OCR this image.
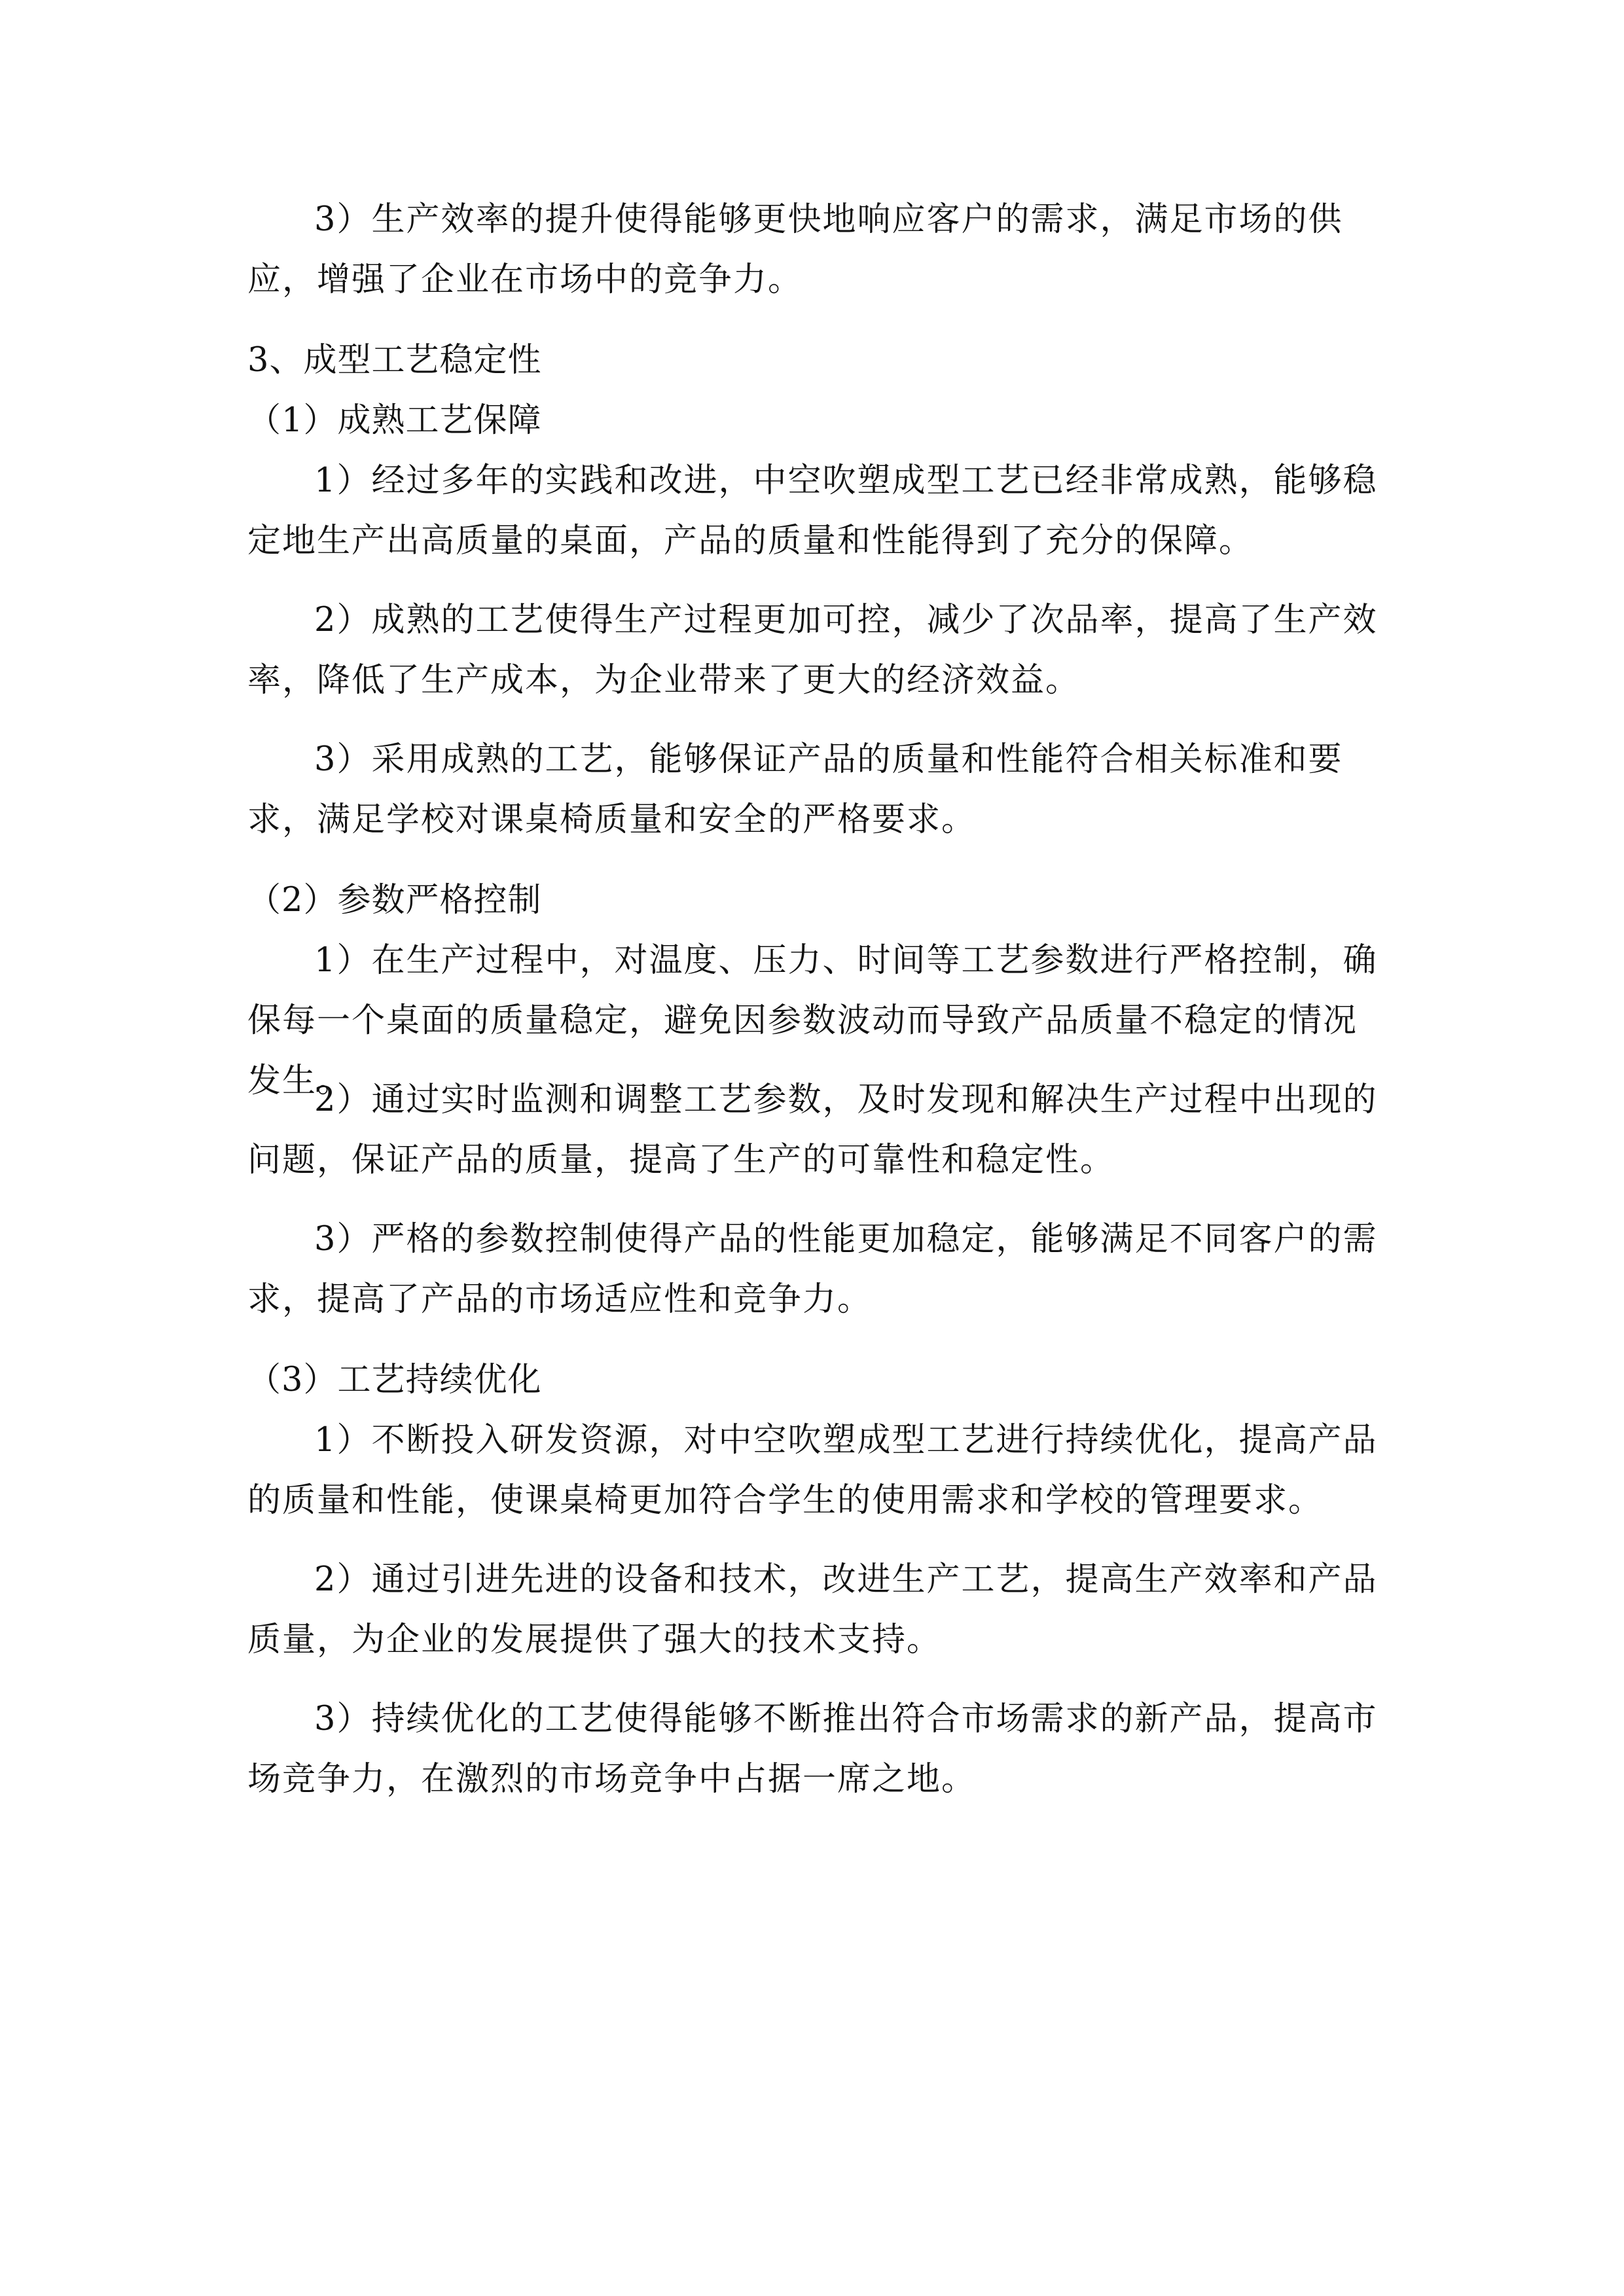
3）生产效率的提升使得能够更快地响应客户的需求，满足市场的供应，增强了企业在市场中的竞争力。

3、成型工艺稳定性

（1）成熟工艺保障

1）经过多年的实践和改进，中空吹塑成型工艺已经非常成熟，能够稳定地生产出高质量的桌面，产品的质量和性能得到了充分的保障。

2）成熟的工艺使得生产过程更加可控，减少了次品率，提高了生产效率，降低了生产成本，为企业带来了更大的经济效益。

3）采用成熟的工艺，能够保证产品的质量和性能符合相关标准和要求，满足学校对课桌椅质量和安全的严格要求。

（2）参数严格控制

1）在生产过程中，对温度、压力、时间等工艺参数进行严格控制，确保每一个桌面的质量稳定，避免因参数波动而导致产品质量不稳定的情况发生。

2）通过实时监测和调整工艺参数，及时发现和解决生产过程中出现的问题，保证产品的质量，提高了生产的可靠性和稳定性。

3）严格的参数控制使得产品的性能更加稳定，能够满足不同客户的需求，提高了产品的市场适应性和竞争力。

（3）工艺持续优化

1）不断投入研发资源，对中空吹塑成型工艺进行持续优化，提高产品的质量和性能，使课桌椅更加符合学生的使用需求和学校的管理要求。

2）通过引进先进的设备和技术，改进生产工艺，提高生产效率和产品质量，为企业的发展提供了强大的技术支持。

3）持续优化的工艺使得能够不断推出符合市场需求的新产品，提高市场竞争力，在激烈的市场竞争中占据一席之地。
